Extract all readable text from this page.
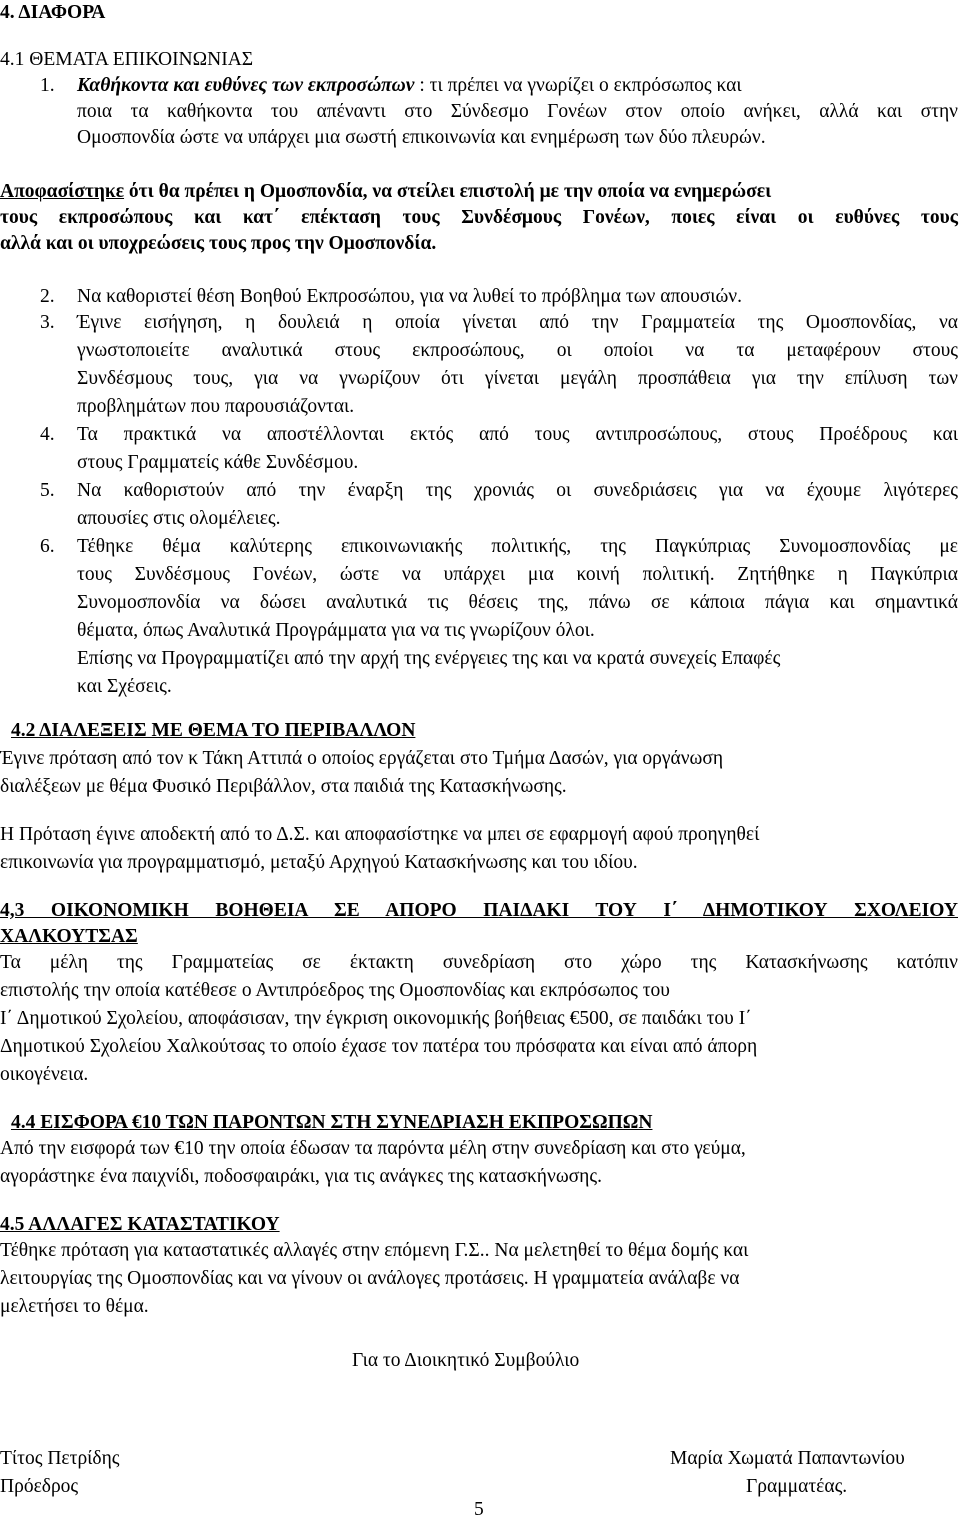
4. ΔΙΑΦΟΡΑ
4.1 ΘΕΜΑΤΑ ΕΠΙΚΟΙΝΩΝΙΑΣ
1. Καθήκοντα και ευθύνες των εκπροσώπων : τι πρέπει να γνωρίζει ο εκπρόσωπος και
ποια τα καθήκοντα του απέναντι στο Σύνδεσμο Γονέων στον οποίο ανήκει, αλλά και στην
Ομοσπονδία ώστε να υπάρχει μια σωστή επικοινωνία και ενημέρωση των δύο πλευρών.
Αποφασίστηκε ότι θα πρέπει η Ομοσπονδία, να στείλει επιστολή με την οποία να ενημερώσει
τους εκπροσώπους και κατ΄ επέκταση τους Συνδέσμους Γονέων, ποιες είναι οι ευθύνες τους
αλλά και οι υποχρεώσεις τους προς την Ομοσπονδία.
2. Να καθοριστεί θέση Βοηθού Εκπροσώπου, για να λυθεί το πρόβλημα των απουσιών.
3. Έγινε εισήγηση, η δουλειά η οποία γίνεται από την Γραμματεία της Ομοσπονδίας, να
γνωστοποιείτε αναλυτικά στους εκπροσώπους, οι οποίοι να τα μεταφέρουν στους
Συνδέσμους τους, για να γνωρίζουν ότι γίνεται μεγάλη προσπάθεια για την επίλυση των
προβλημάτων που παρουσιάζονται.
4. Τα πρακτικά να αποστέλλονται εκτός από τους αντιπροσώπους, στους Προέδρους και
στους Γραμματείς κάθε Συνδέσμου.
5. Να καθοριστούν από την έναρξη της χρονιάς οι συνεδριάσεις για να έχουμε λιγότερες
απουσίες στις ολομέλειες.
6. Τέθηκε θέμα καλύτερης επικοινωνιακής πολιτικής, της Παγκύπριας Συνομοσπονδίας με
τους Συνδέσμους Γονέων, ώστε να υπάρχει μια κοινή πολιτική. Ζητήθηκε η Παγκύπρια
Συνομοσπονδία να δώσει αναλυτικά τις θέσεις της, πάνω σε κάποια πάγια και σημαντικά
θέματα, όπως Αναλυτικά Προγράμματα για να τις γνωρίζουν όλοι.
Επίσης να Προγραμματίζει από την αρχή της ενέργειες της και να κρατά συνεχείς Επαφές
και Σχέσεις.
4.2 ΔΙΑΛΕΞΕΙΣ ΜΕ ΘΕΜΑ ΤΟ ΠΕΡΙΒΑΛΛΟΝ
Έγινε πρόταση από τον κ Τάκη Αττιπά ο οποίος εργάζεται στο Τμήμα Δασών, για οργάνωση
διαλέξεων με θέμα Φυσικό Περιβάλλον, στα παιδιά της Κατασκήνωσης.
Η Πρόταση έγινε αποδεκτή από το Δ.Σ. και αποφασίστηκε να μπει σε εφαρμογή αφού προηγηθεί
επικοινωνία για προγραμματισμό, μεταξύ Αρχηγού Κατασκήνωσης και του ιδίου.
4,3 ΟΙΚΟΝΟΜΙΚΗ ΒΟΗΘΕΙΑ ΣΕ ΑΠΟΡΟ ΠΑΙΔΑΚΙ ΤΟΥ Ι΄ ΔΗΜΟΤΙΚΟΥ ΣΧΟΛΕΙΟΥ
ΧΑΛΚΟΥΤΣΑΣ
Τα μέλη της Γραμματείας σε έκτακτη συνεδρίαση στο χώρο της Κατασκήνωσης κατόπιν
επιστολής την οποία κατέθεσε ο Αντιπρόεδρος της Ομοσπονδίας και εκπρόσωπος του
Ι΄ Δημοτικού Σχολείου, αποφάσισαν, την έγκριση οικονομικής βοήθειας €500, σε παιδάκι του Ι΄
Δημοτικού Σχολείου Χαλκούτσας το οποίο έχασε τον πατέρα του πρόσφατα και είναι από άπορη
οικογένεια.
4.4 ΕΙΣΦΟΡΑ €10 ΤΩΝ ΠΑΡΟΝΤΩΝ ΣΤΗ ΣΥΝΕΔΡΙΑΣΗ ΕΚΠΡΟΣΩΠΩΝ
Από την εισφορά των €10 την οποία έδωσαν τα παρόντα μέλη στην συνεδρίαση και στο γεύμα,
αγοράστηκε ένα παιχνίδι, ποδοσφαιράκι, για τις ανάγκες της κατασκήνωσης.
4.5 ΑΛΛΑΓΕΣ ΚΑΤΑΣΤΑΤΙΚΟΥ
Τέθηκε πρόταση για καταστατικές αλλαγές στην επόμενη Γ.Σ.. Να μελετηθεί το θέμα δομής και
λειτουργίας της Ομοσπονδίας και να γίνουν οι ανάλογες προτάσεις. Η γραμματεία ανάλαβε να
μελετήσει το θέμα.
Για το Διοικητικό Συμβούλιο
Τίτος Πετρίδης
Πρόεδρος
Μαρία Χωματά Παπαντωνίου
Γραμματέας.
5
